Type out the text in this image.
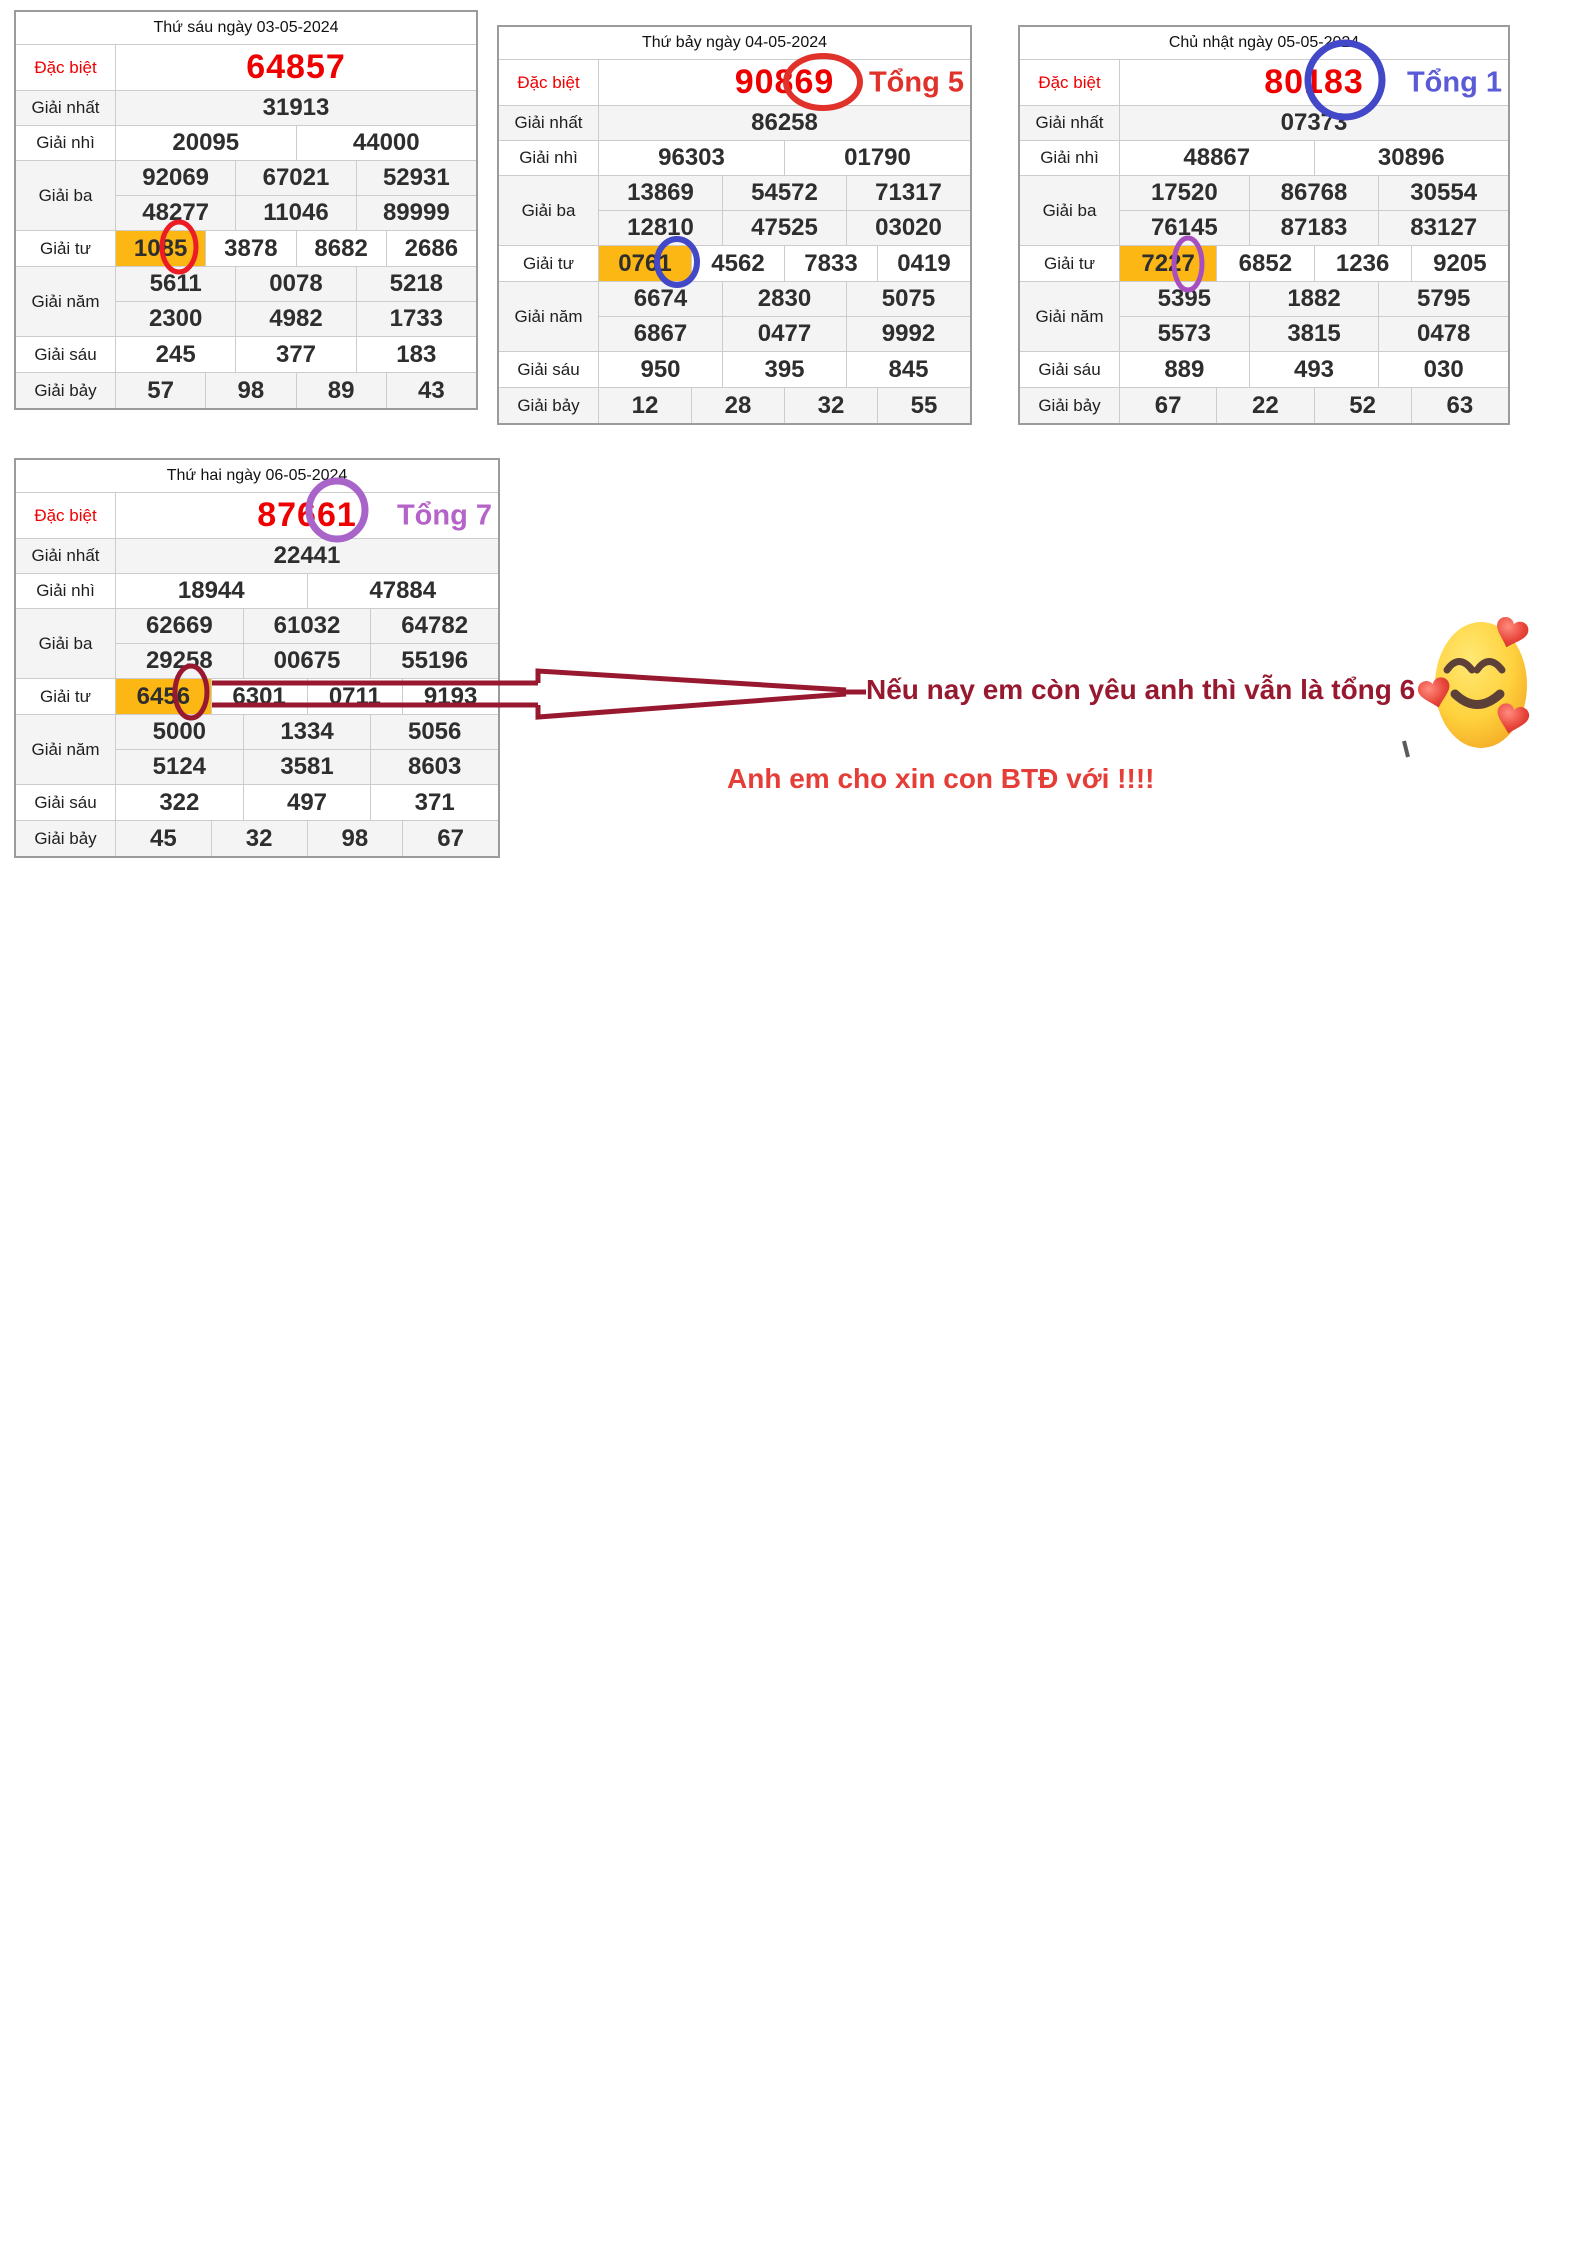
Thứ sáu ngày 03-05-2024
Đặc biệt	64857
Giải nhất	31913
Giải nhì	20095	44000
Giải ba
92069	67021	52931
48277	11046	89999
Giải tư	1085	3878	8682	2686
Giải năm
5611	0078	5218
2300	4982	1733
Giải sáu	245	377	183
Giải bảy	57	98	89	43
Thứ bảy ngày 04-05-2024
Đặc biệt	90869	Tổng 5
Giải nhất	86258
Giải nhì	96303	01790
Giải ba
13869	54572	71317
12810	47525	03020
Giải tư	0761	4562	7833	0419
Giải năm
6674	2830	5075
6867	0477	9992
Giải sáu	950	395	845
Giải bảy	12	28	32	55
Chủ nhật ngày 05-05-2024
Đặc biệt	80183	Tổng 1
Giải nhất	07373
Giải nhì	48867	30896
Giải ba
17520	86768	30554
76145	87183	83127
Giải tư	7227	6852	1236	9205
Giải năm
5395	1882	5795
5573	3815	0478
Giải sáu	889	493	030
Giải bảy	67	22	52	63
Thứ hai ngày 06-05-2024
Đặc biệt	87661	Tổng 7
Giải nhất	22441
Giải nhì	18944	47884
Giải ba
62669	61032	64782
29258	00675	55196
Giải tư	6456	6301	0711	9193
Giải năm
5000	1334	5056
5124	3581	8603
Giải sáu	322	497	371
Giải bảy	45	32	98	67
Nếu nay em còn yêu anh thì vẫn là tổng 6
Anh em cho xin con BTĐ với !!!!
